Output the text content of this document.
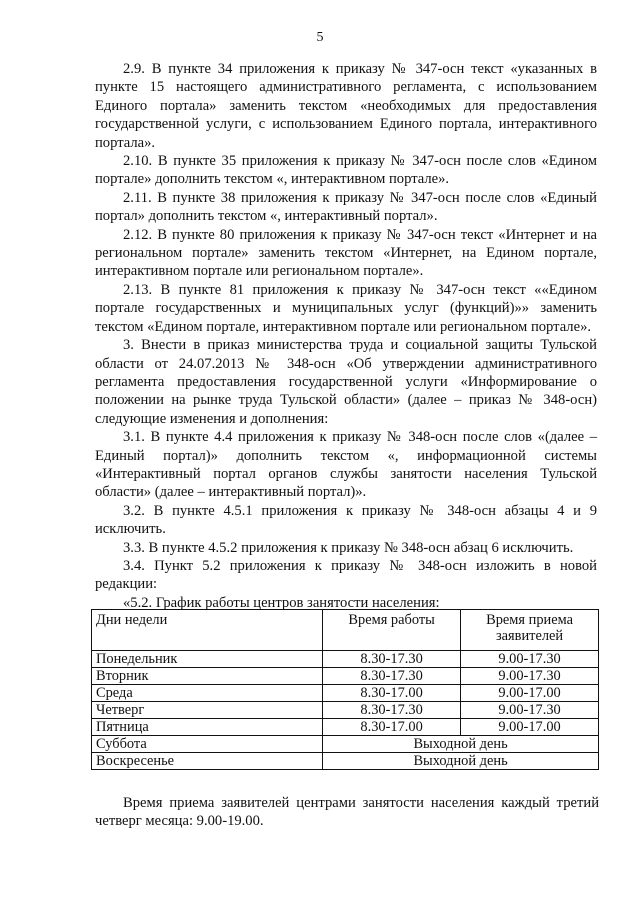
5

2.9. В пункте 34 приложения к приказу № 347-осн текст «указанных в пункте 15 настоящего административного регламента, с использованием Единого портала» заменить текстом «необходимых для предоставления государственной услуги, с использованием Единого портала, интерактивного портала».

2.10. В пункте 35 приложения к приказу № 347-осн после слов «Едином портале» дополнить текстом «, интерактивном портале».

2.11. В пункте 38 приложения к приказу № 347-осн после слов «Единый портал» дополнить текстом «, интерактивный портал».

2.12. В пункте 80 приложения к приказу № 347-осн текст «Интернет и на региональном портале» заменить текстом «Интернет, на Едином портале, интерактивном портале или региональном портале».

2.13. В пункте 81 приложения к приказу № 347-осн текст ««Едином портале государственных и муниципальных услуг (функций)»» заменить текстом «Едином портале, интерактивном портале или региональном портале».

3. Внести в приказ министерства труда и социальной защиты Тульской области от 24.07.2013 № 348-осн «Об утверждении административного регламента предоставления государственной услуги «Информирование о положении на рынке труда Тульской области» (далее – приказ № 348-осн) следующие изменения и дополнения:

3.1. В пункте 4.4 приложения к приказу № 348-осн после слов «(далее – Единый портал)» дополнить текстом «, информационной системы «Интерактивный портал органов службы занятости населения Тульской области» (далее – интерактивный портал)».

3.2. В пункте 4.5.1 приложения к приказу № 348-осн абзацы 4 и 9 исключить.

3.3. В пункте 4.5.2 приложения к приказу № 348-осн абзац 6 исключить.

3.4. Пункт 5.2 приложения к приказу № 348-осн изложить в новой редакции:

«5.2. График работы центров занятости населения:

Дни недели	Время работы	Время приема заявителей
Понедельник	8.30-17.30	9.00-17.30
Вторник	8.30-17.30	9.00-17.30
Среда	8.30-17.00	9.00-17.00
Четверг	8.30-17.30	9.00-17.30
Пятница	8.30-17.00	9.00-17.00
Суббота	Выходной день	
Воскресенье	Выходной день	

Время приема заявителей центрами занятости населения каждый третий четверг месяца: 9.00-19.00.
